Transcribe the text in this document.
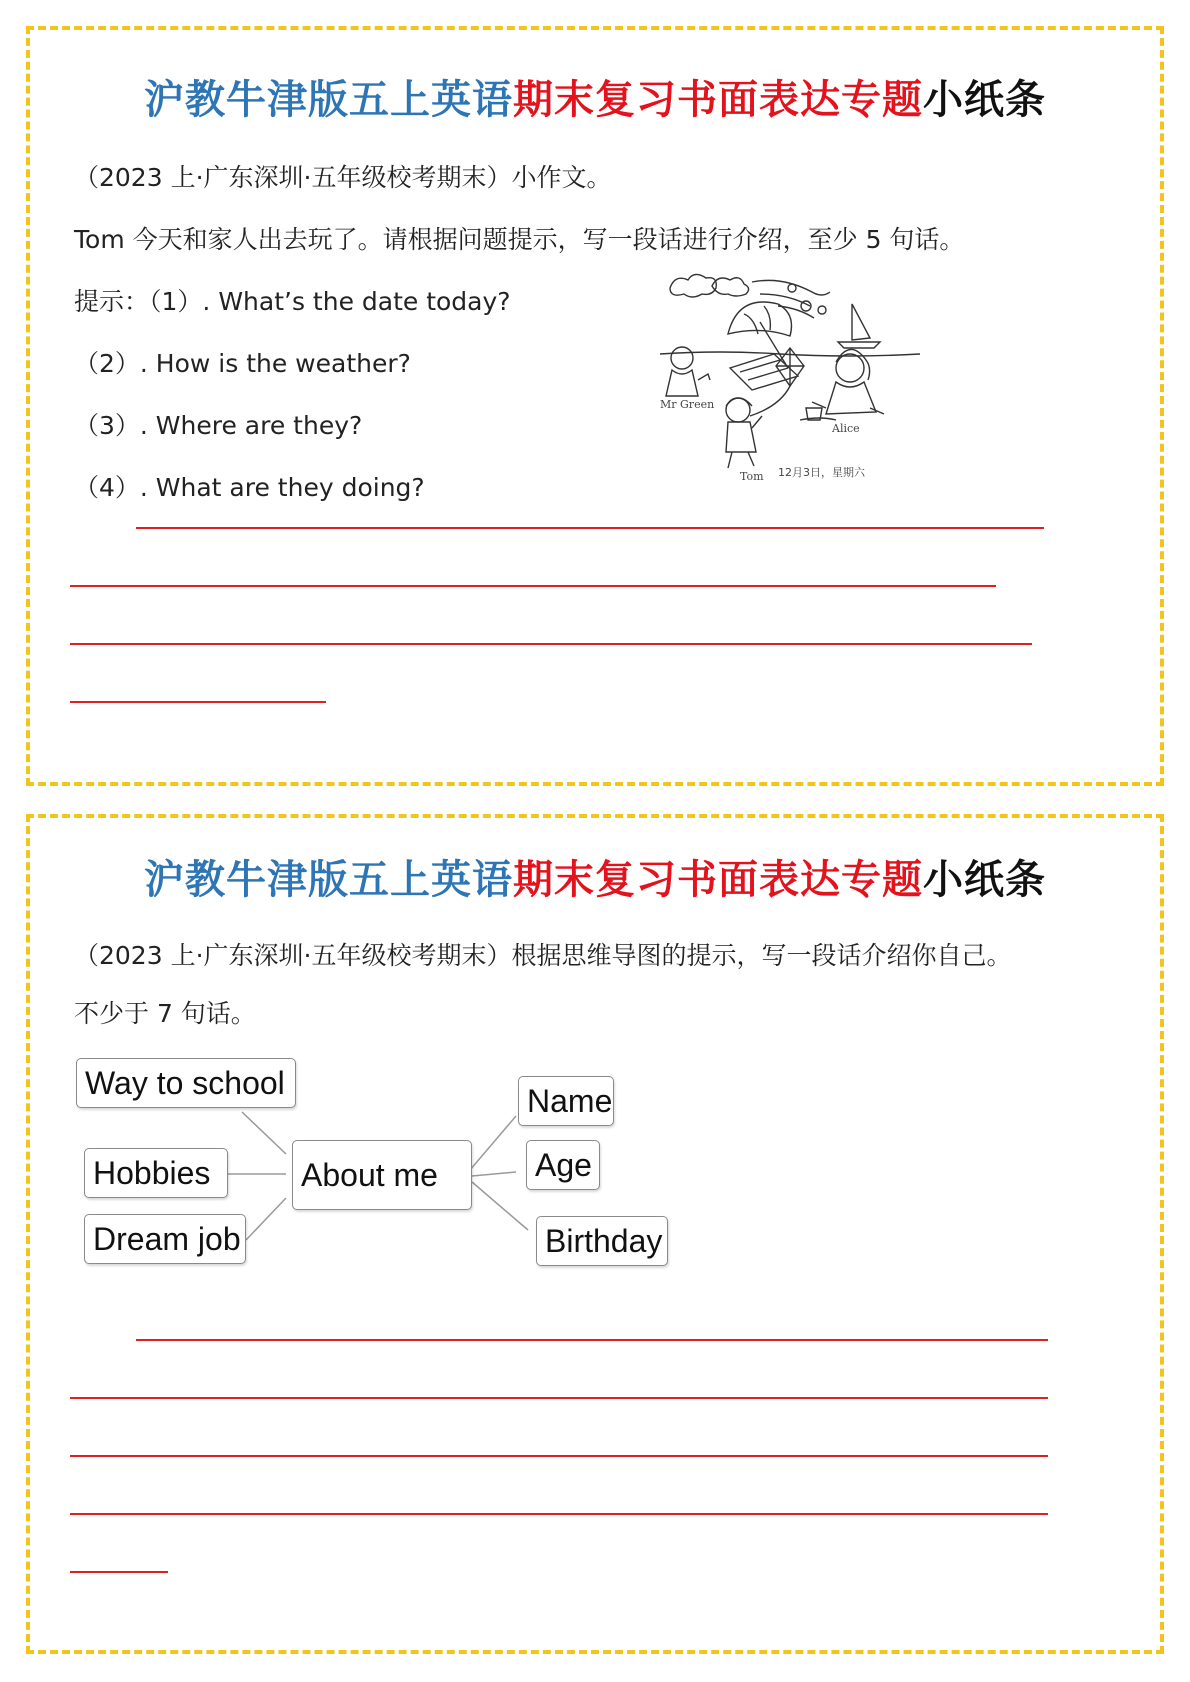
沪教牛津版五上英语期末复习书面表达专题小纸条
（2023 上·广东深圳·五年级校考期末）小作文。
Tom 今天和家人出去玩了。请根据问题提示，写一段话进行介绍，至少 5 句话。
提示：（1）. What’s the date today?
（2）. How is the weather?
（3）. Where are they?
（4）. What are they doing?
Mr Green
Alice
Tom 12月3日，星期六
沪教牛津版五上英语期末复习书面表达专题小纸条
（2023 上·广东深圳·五年级校考期末）根据思维导图的提示，写一段话介绍你自己。
不少于 7 句话。
Way to school
Hobbies
Dream job
About me
Name
Age
Birthday
